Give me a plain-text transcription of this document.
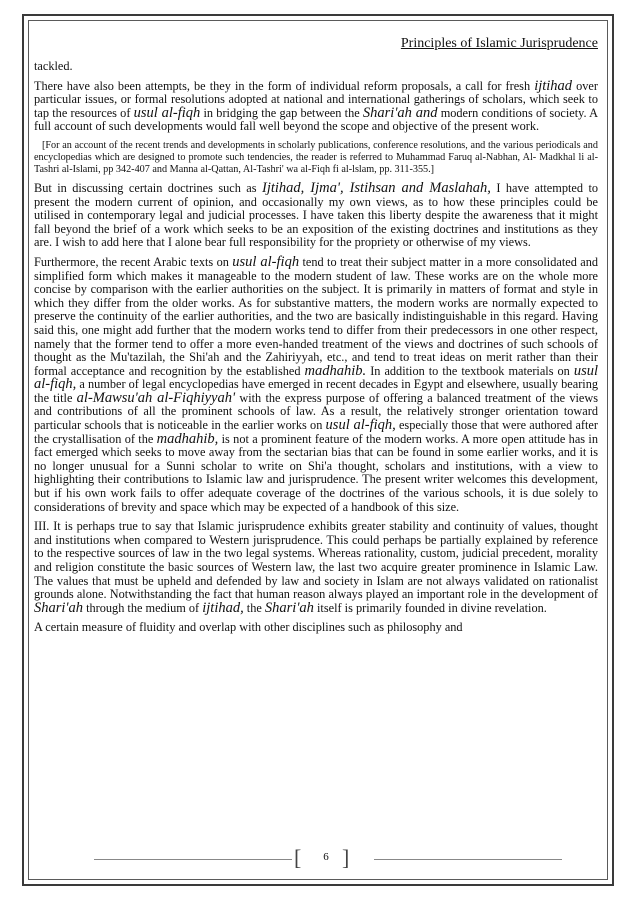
Principles of Islamic Jurisprudence

tackled.

There have also been attempts, be they in the form of individual reform proposals, a call for fresh ijtihad over particular issues, or formal resolutions adopted at national and international gatherings of scholars, which seek to tap the resources of usul al-fiqh in bridging the gap between the Shari'ah and modern conditions of society. A full account of such developments would fall well beyond the scope and objective of the present work.

[For an account of the recent trends and developments in scholarly publications, conference resolutions, and the various periodicals and encyclopedias which are designed to promote such tendencies, the reader is referred to Muhammad Faruq al-Nabhan, Al- Madkhal li al-Tashri al-Islami, pp 342-407 and Manna al-Qattan, Al-Tashri' wa al-Fiqh fi al-lslam, pp. 311-355.]

But in discussing certain doctrines such as Ijtihad, Ijma', Istihsan and Maslahah, I have attempted to present the modern current of opinion, and occasionally my own views, as to how these principles could be utilised in contemporary legal and judicial processes. I have taken this liberty despite the awareness that it might fall beyond the brief of a work which seeks to be an exposition of the existing doctrines and institutions as they are. I wish to add here that I alone bear full responsibility for the propriety or otherwise of my views.

Furthermore, the recent Arabic texts on usul al-fiqh tend to treat their subject matter in a more consolidated and simplified form which makes it manageable to the modern student of law. These works are on the whole more concise by comparison with the earlier authorities on the subject. It is primarily in matters of format and style in which they differ from the older works. As for substantive matters, the modern works are normally expected to preserve the continuity of the earlier authorities, and the two are basically indistinguishable in this regard. Having said this, one might add further that the modern works tend to differ from their predecessors in one other respect, namely that the former tend to offer a more even-handed treatment of the views and doctrines of such schools of thought as the Mu'tazilah, the Shi'ah and the Zahiriyyah, etc., and tend to treat ideas on merit rather than their formal acceptance and recognition by the established madhahib. In addition to the textbook materials on usul al-fiqh, a number of legal encyclopedias have emerged in recent decades in Egypt and elsewhere, usually bearing the title al-Mawsu'ah al-Fiqhiyyah' with the express purpose of offering a balanced treatment of the views and contributions of all the prominent schools of law. As a result, the relatively stronger orientation toward particular schools that is noticeable in the earlier works on usul al-fiqh, especially those that were authored after the crystallisation of the madhahib, is not a prominent feature of the modern works. A more open attitude has in fact emerged which seeks to move away from the sectarian bias that can be found in some earlier works, and it is no longer unusual for a Sunni scholar to write on Shi'a thought, scholars and institutions, with a view to highlighting their contributions to Islamic law and jurisprudence. The present writer welcomes this development, but if his own work fails to offer adequate coverage of the doctrines of the various schools, it is due solely to considerations of brevity and space which may be expected of a handbook of this size.

III. It is perhaps true to say that Islamic jurisprudence exhibits greater stability and continuity of values, thought and institutions when compared to Western jurisprudence. This could perhaps be partially explained by reference to the respective sources of law in the two legal systems. Whereas rationality, custom, judicial precedent, morality and religion constitute the basic sources of Western law, the last two acquire greater prominence in Islamic Law. The values that must be upheld and defended by law and society in Islam are not always validated on rationalist grounds alone. Notwithstanding the fact that human reason always played an important role in the development of Shari'ah through the medium of ijtihad, the Shari'ah itself is primarily founded in divine revelation.

A certain measure of fluidity and overlap with other disciplines such as philosophy and

[	6 ]
